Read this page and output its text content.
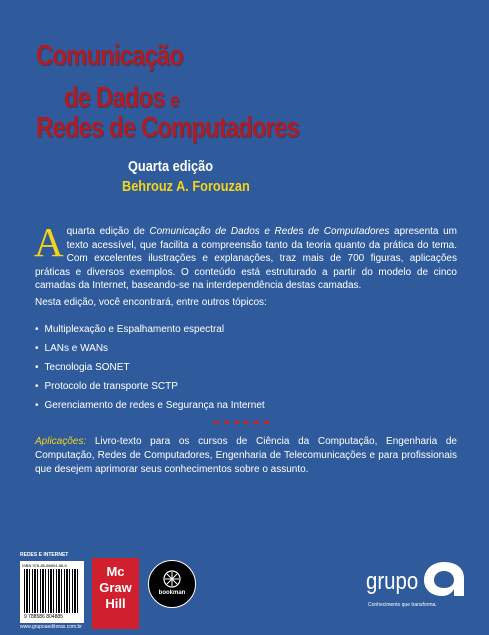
Comunicação
de Dados e
Redes de Computadores
Quarta edição
Behrouz A. Forouzan
A quarta edição de Comunicação de Dados e Redes de Computadores apresenta um texto acessível, que facilita a compreensão tanto da teoria quanto da prática do tema. Com excelentes ilustrações e explanações, traz mais de 700 figuras, aplicações práticas e diversos exemplos. O conteúdo está estruturado a partir do modelo de cinco camadas da Internet, baseando-se na interdependência destas camadas.
Nesta edição, você encontrará, entre outros tópicos:
• Multiplexação e Espalhamento espectral
• LANs e WANs
• Tecnologia SONET
• Protocolo de transporte SCTP
• Gerenciamento de redes e Segurança na Internet
Aplicações: Livro-texto para os cursos de Ciência da Computação, Engenharia de Computação, Redes de Computadores, Engenharia de Telecomunicações e para profissionais que desejem aprimorar seus conhecimentos sobre o assunto.
REDES E INTERNET
ISBN 978-85-86804-88-5
9 788586 804885
www.grupoaeditoras.com.br
Mc
Graw
Hill
bookman	grupo
Conhecimento que transforma.
